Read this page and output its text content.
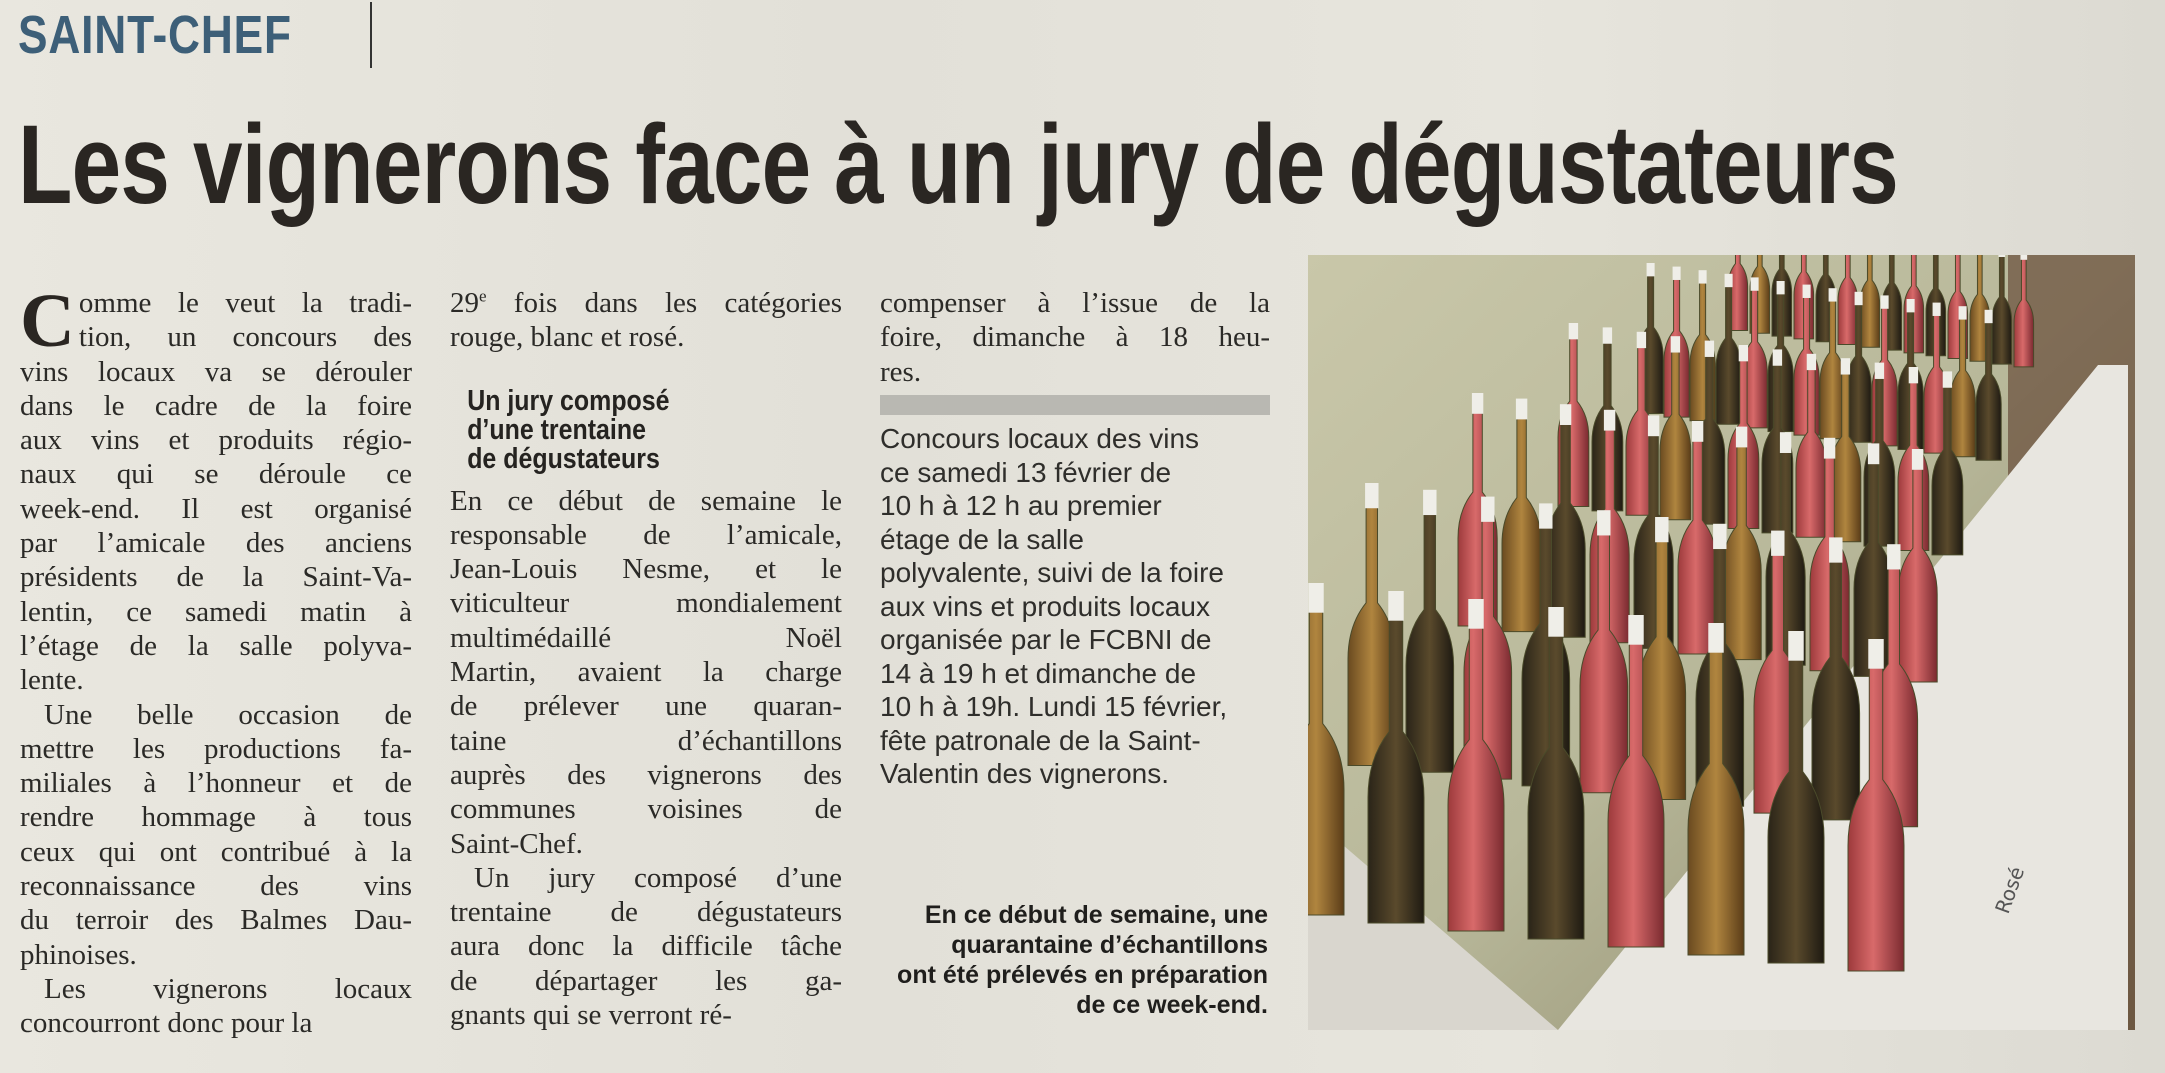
SAINT-CHEF
Les vignerons face à un jury de dégustateurs
C omme le veut la tradi-
tion, un concours des
vins locaux va se dérouler
dans le cadre de la foire
aux vins et produits régio-
naux qui se déroule ce
week-end. Il est organisé
par l’amicale des anciens
présidents de la Saint-Va-
lentin, ce samedi matin à
l’étage de la salle polyva-
lente.
Une belle occasion de
mettre les productions fa-
miliales à l’honneur et de
rendre hommage à tous
ceux qui ont contribué à la
reconnaissance des vins
du terroir des Balmes Dau-
phinoises.
Les vignerons locaux
concourront donc pour la
29e fois dans les catégories
rouge, blanc et rosé.
Un jury composé
d’une trentaine
de dégustateurs
En ce début de semaine le
responsable de l’amicale,
Jean-Louis Nesme, et le
viticulteur mondialement
multimédaillé Noël
Martin, avaient la charge
de prélever une quaran-
taine d’échantillons
auprès des vignerons des
communes voisines de
Saint-Chef.
Un jury composé d’une
trentaine de dégustateurs
aura donc la difficile tâche
de départager les ga-
gnants qui se verront ré-
compenser à l’issue de la
foire, dimanche à 18 heu-
res.
Concours locaux des vins
ce samedi 13 février de
10 h à 12 h au premier
étage de la salle
polyvalente, suivi de la foire
aux vins et produits locaux
organisée par le FCBNI de
14 à 19 h et dimanche de
10 h à 19h. Lundi 15 février,
fête patronale de la Saint-
Valentin des vignerons.
En ce début de semaine, une
quarantaine d’échantillons
ont été prélevés en préparation
de ce week-end.
Rosé
